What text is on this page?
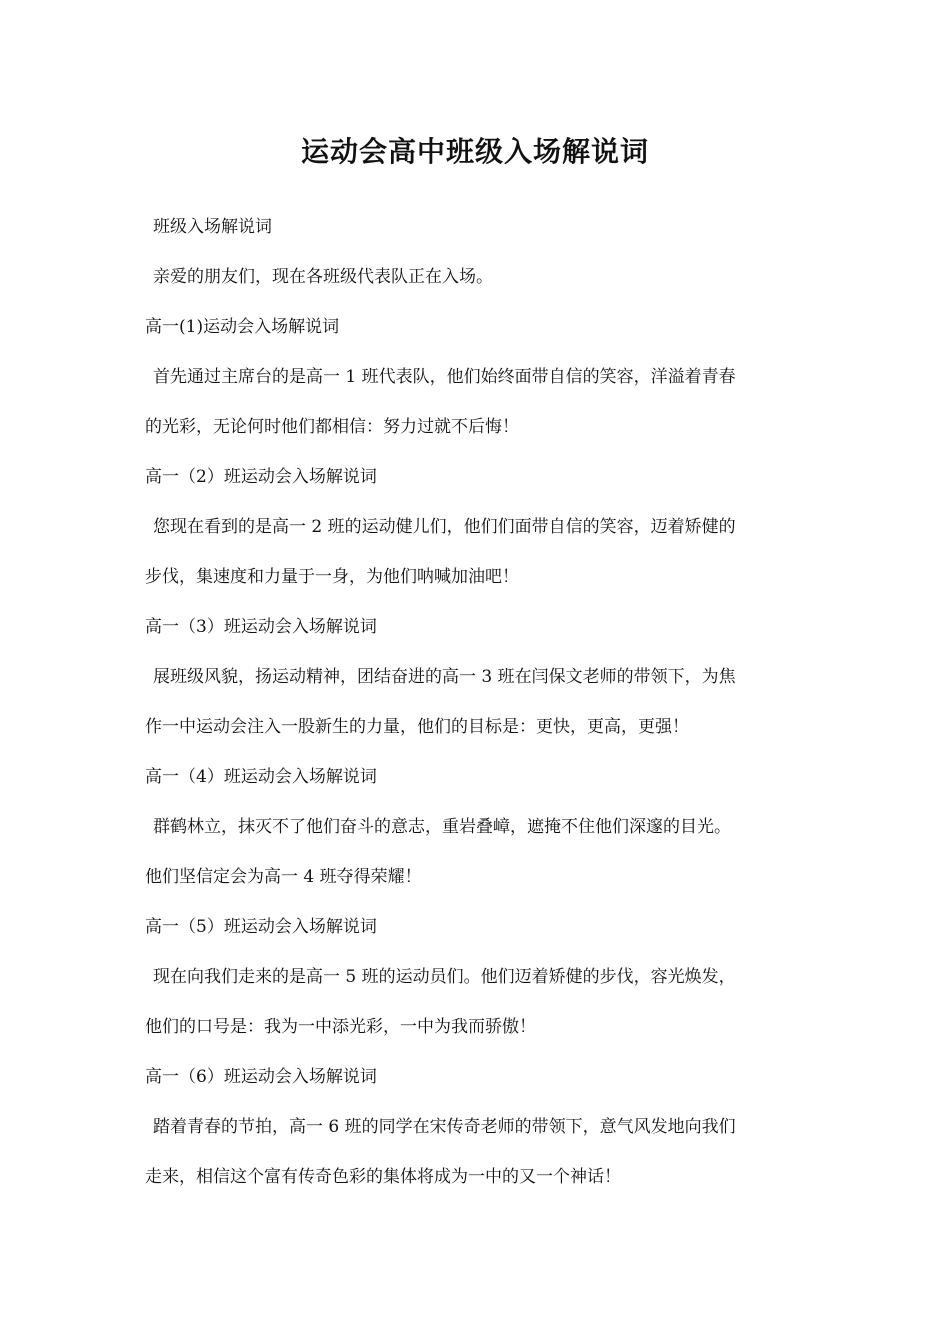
运动会高中班级入场解说词
班级入场解说词
亲爱的朋友们，现在各班级代表队正在入场。
高一(1)运动会入场解说词
首先通过主席台的是高一 1 班代表队，他们始终面带自信的笑容，洋溢着青春
的光彩，无论何时他们都相信：努力过就不后悔！
高一（2）班运动会入场解说词
您现在看到的是高一 2 班的运动健儿们，他们们面带自信的笑容，迈着矫健的
步伐，集速度和力量于一身，为他们呐喊加油吧！
高一（3）班运动会入场解说词
展班级风貌，扬运动精神，团结奋进的高一 3 班在闫保文老师的带领下，为焦
作一中运动会注入一股新生的力量，他们的目标是：更快，更高，更强！
高一（4）班运动会入场解说词
群鹤林立，抹灭不了他们奋斗的意志，重岩叠嶂，遮掩不住他们深邃的目光。
他们坚信定会为高一 4 班夺得荣耀！
高一（5）班运动会入场解说词
现在向我们走来的是高一 5 班的运动员们。他们迈着矫健的步伐，容光焕发，
他们的口号是：我为一中添光彩，一中为我而骄傲！
高一（6）班运动会入场解说词
踏着青春的节拍，高一 6 班的同学在宋传奇老师的带领下，意气风发地向我们
走来，相信这个富有传奇色彩的集体将成为一中的又一个神话！
